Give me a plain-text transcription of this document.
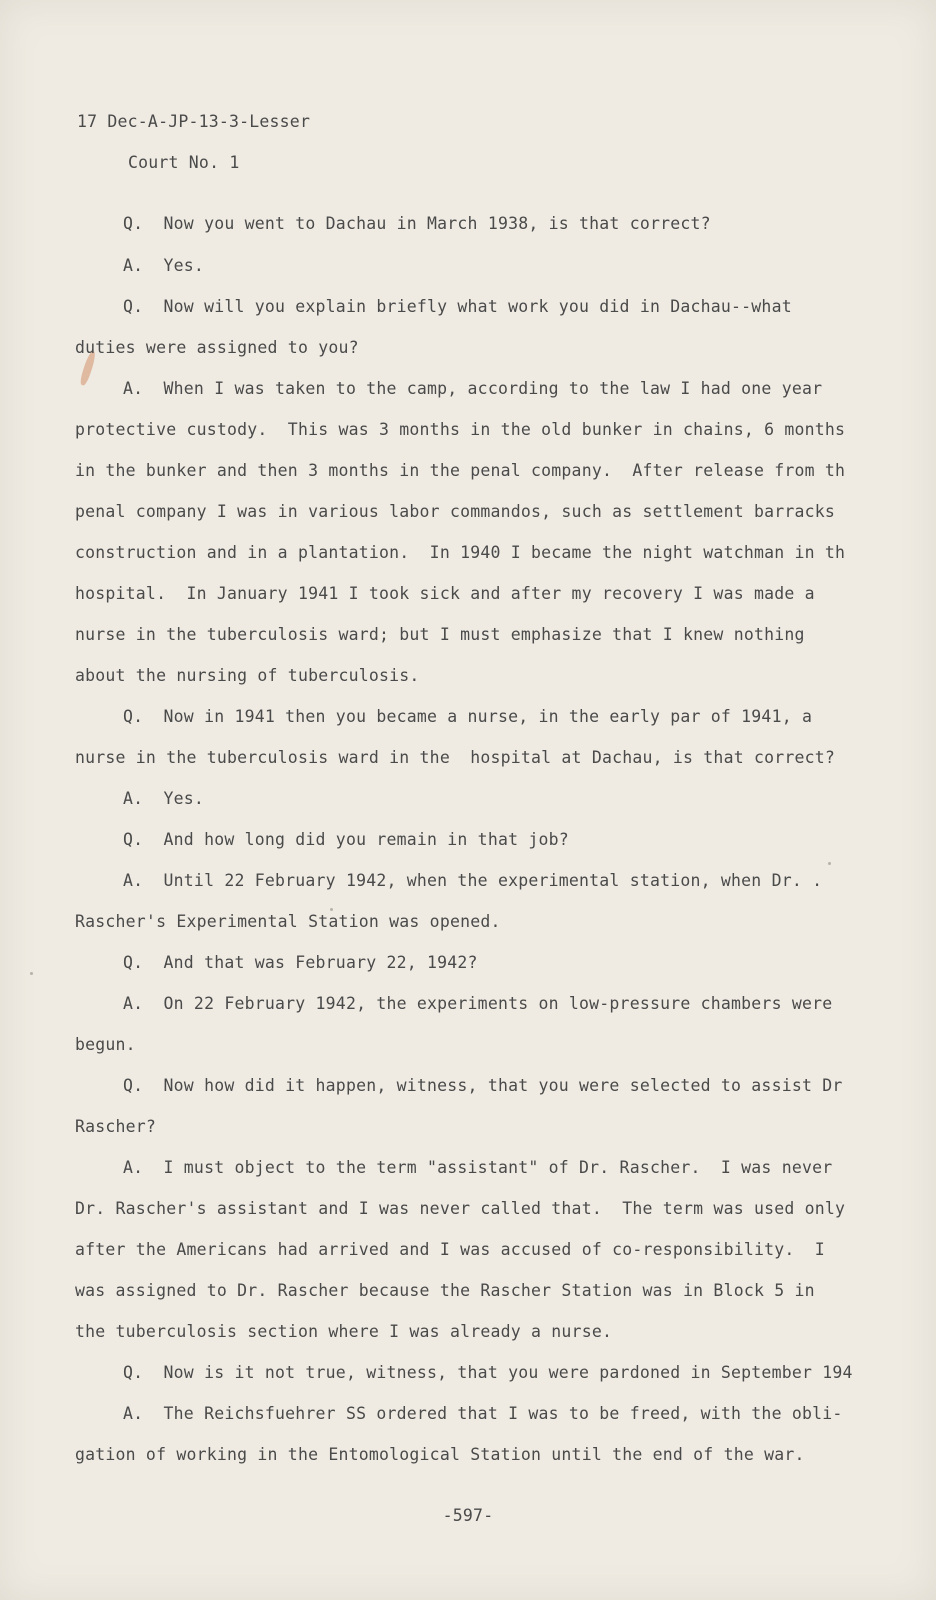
17 Dec-A-JP-13-3-Lesser

Court No. 1

Q.  Now you went to Dachau in March 1938, is that correct?

A.  Yes.

Q.  Now will you explain briefly what work you did in Dachau--what

duties were assigned to you?

A.  When I was taken to the camp, according to the law I had one year

protective custody.  This was 3 months in the old bunker in chains, 6 months

in the bunker and then 3 months in the penal company.  After release from th

penal company I was in various labor commandos, such as settlement barracks

construction and in a plantation.  In 1940 I became the night watchman in th

hospital.  In January 1941 I took sick and after my recovery I was made a

nurse in the tuberculosis ward; but I must emphasize that I knew nothing

about the nursing of tuberculosis.

Q.  Now in 1941 then you became a nurse, in the early par of 1941, a

nurse in the tuberculosis ward in the  hospital at Dachau, is that correct?

A.  Yes.

Q.  And how long did you remain in that job?

A.  Until 22 February 1942, when the experimental station, when Dr. .

Rascher's Experimental Station was opened.

Q.  And that was February 22, 1942?

A.  On 22 February 1942, the experiments on low-pressure chambers were

begun.

Q.  Now how did it happen, witness, that you were selected to assist Dr

Rascher?

A.  I must object to the term "assistant" of Dr. Rascher.  I was never

Dr. Rascher's assistant and I was never called that.  The term was used only

after the Americans had arrived and I was accused of co-responsibility.  I

was assigned to Dr. Rascher because the Rascher Station was in Block 5 in

the tuberculosis section where I was already a nurse.

Q.  Now is it not true, witness, that you were pardoned in September 194

A.  The Reichsfuehrer SS ordered that I was to be freed, with the obli-

gation of working in the Entomological Station until the end of the war.

-597-
